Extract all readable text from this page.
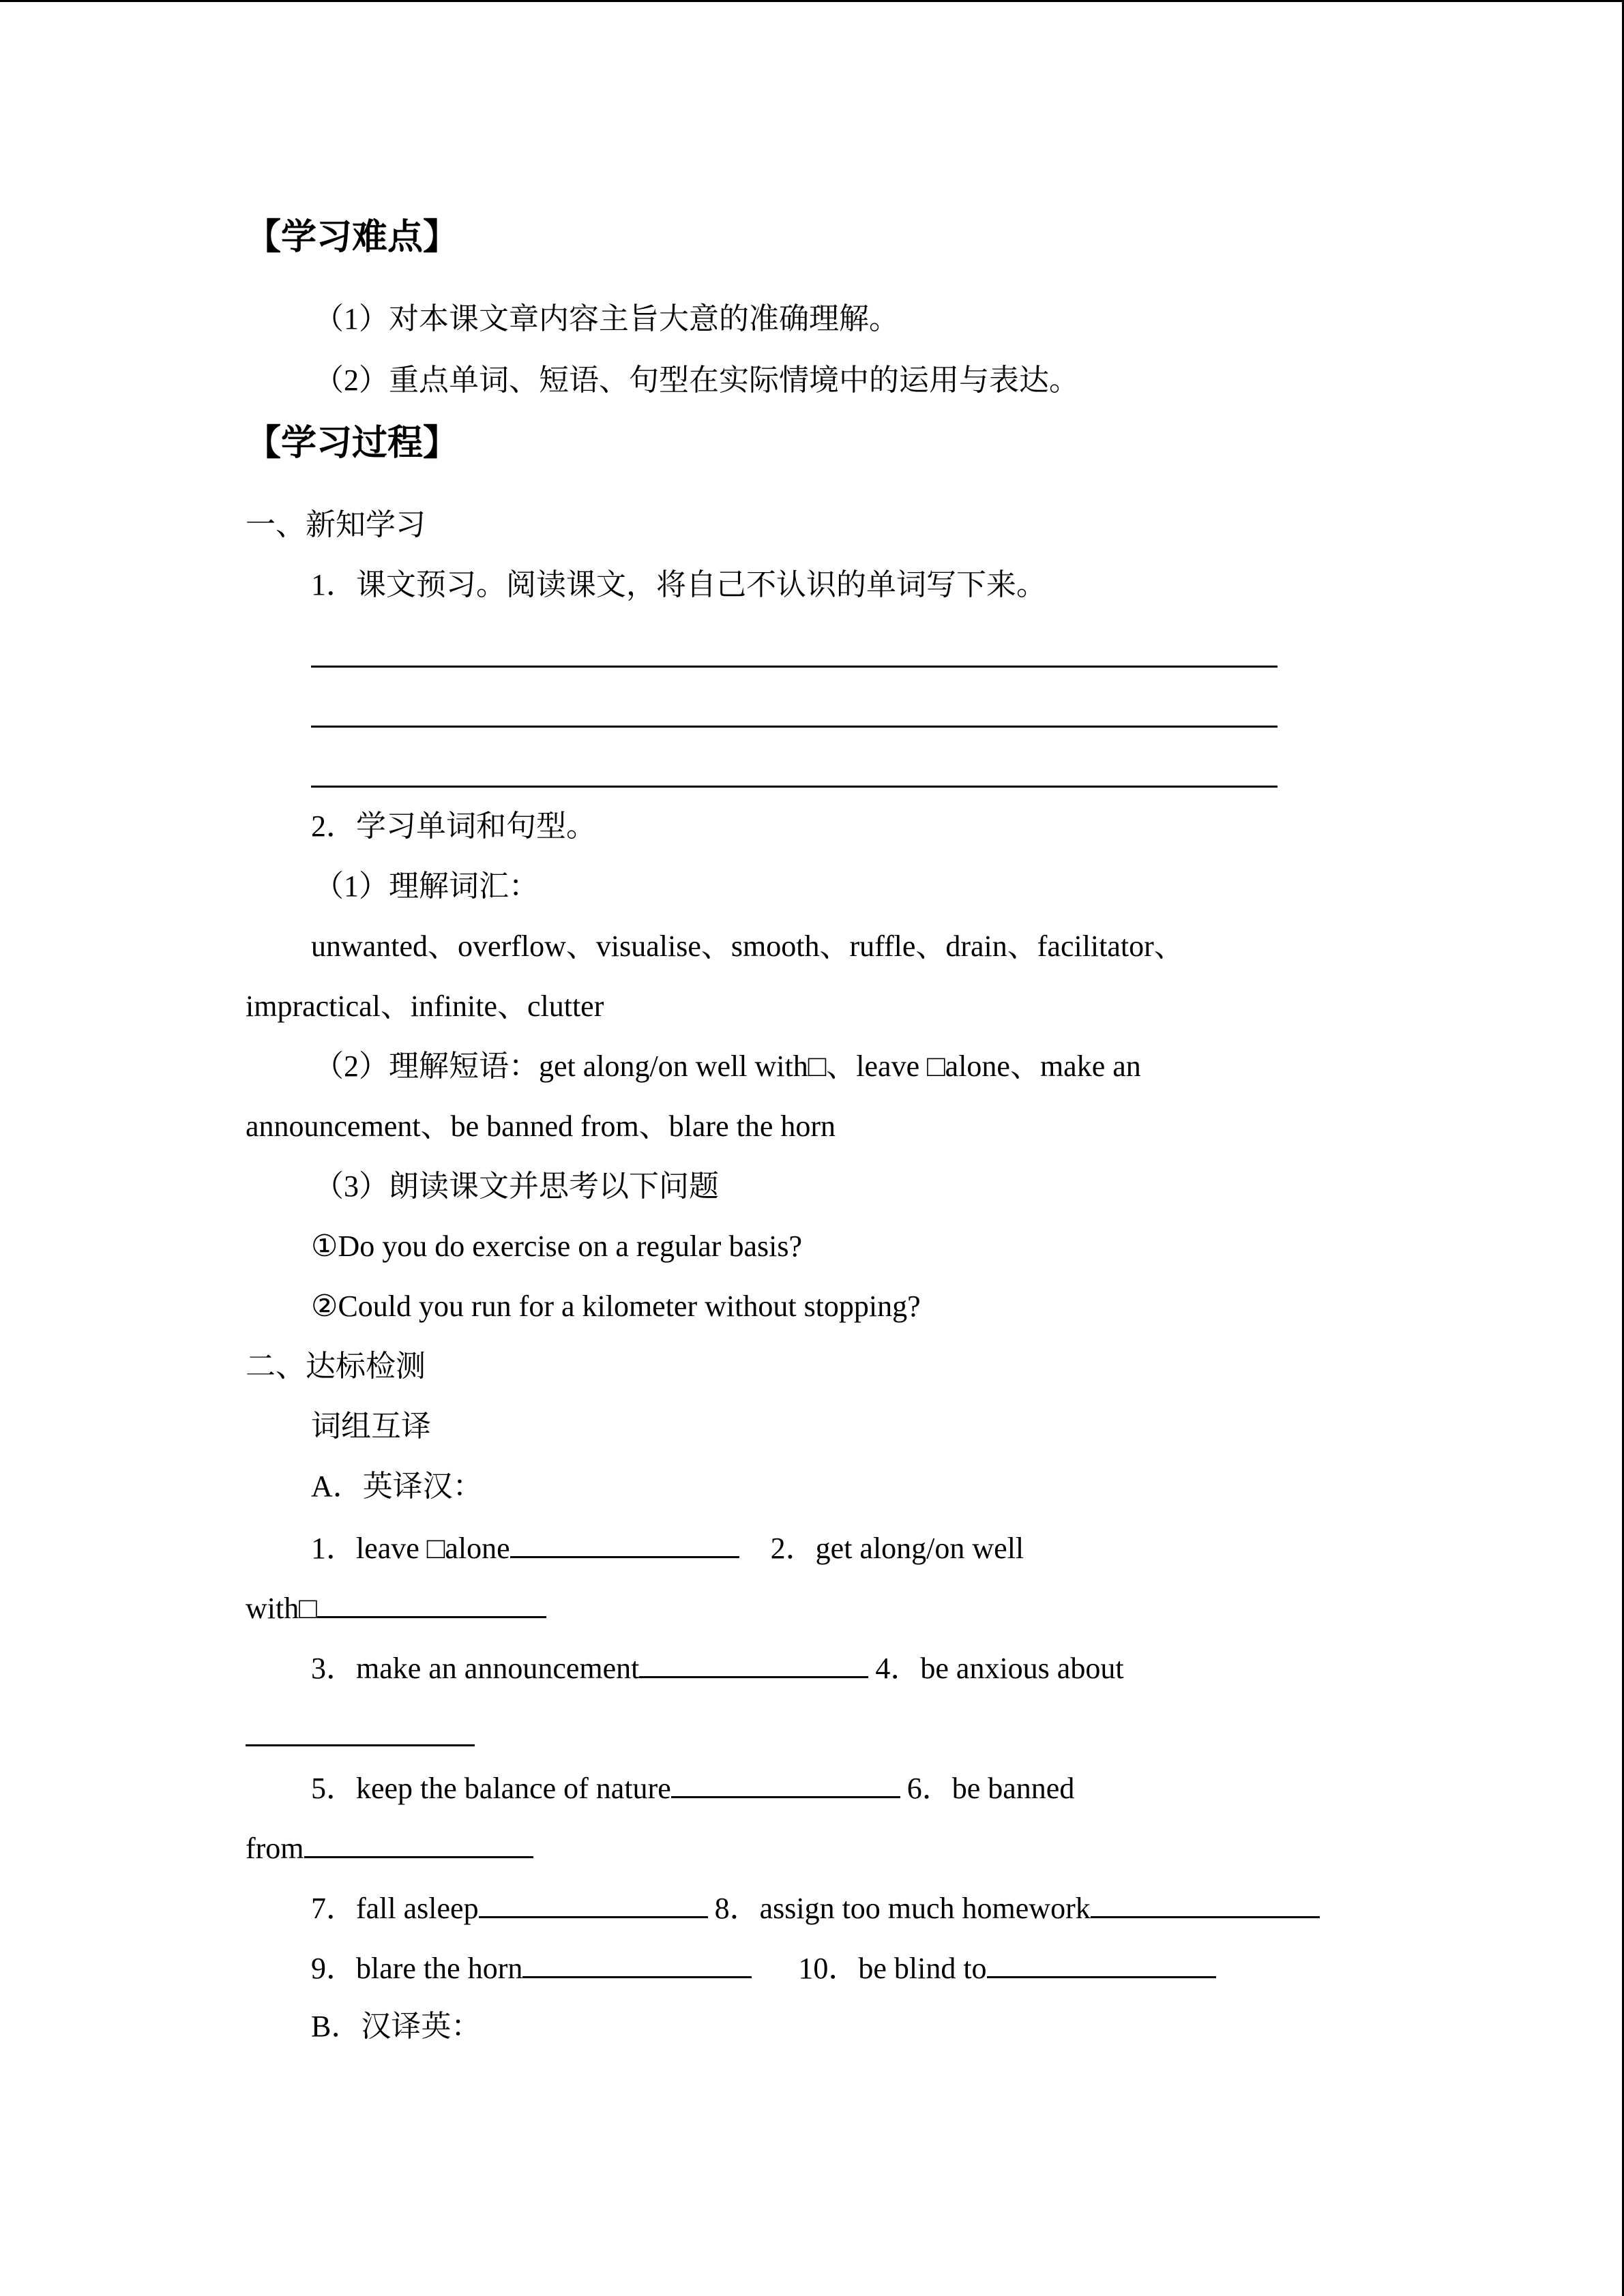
【学习难点】
（1）对本课文章内容主旨大意的准确理解。
（2）重点单词、短语、句型在实际情境中的运用与表达。
【学习过程】
一、新知学习
1．课文预习。阅读课文，将自己不认识的单词写下来。
2．学习单词和句型。
（1）理解词汇：
unwanted、overflow、visualise、smooth、ruffle、drain、facilitator、
impractical、infinite、clutter
（2）理解短语：get along/on well with□、leave □alone、make an
announcement、be banned from、blare the horn
（3）朗读课文并思考以下问题
①Do you do exercise on a regular basis?
②Could you run for a kilometer without stopping?
二、达标检测
词组互译
A．英译汉：
1．leave □alone	2．get along/on well
with□
3．make an announcement	4．be anxious about
5．keep the balance of nature	6．be banned
from
7．fall asleep	8．assign too much homework
9．blare the horn	10．be blind to
B．汉译英：
